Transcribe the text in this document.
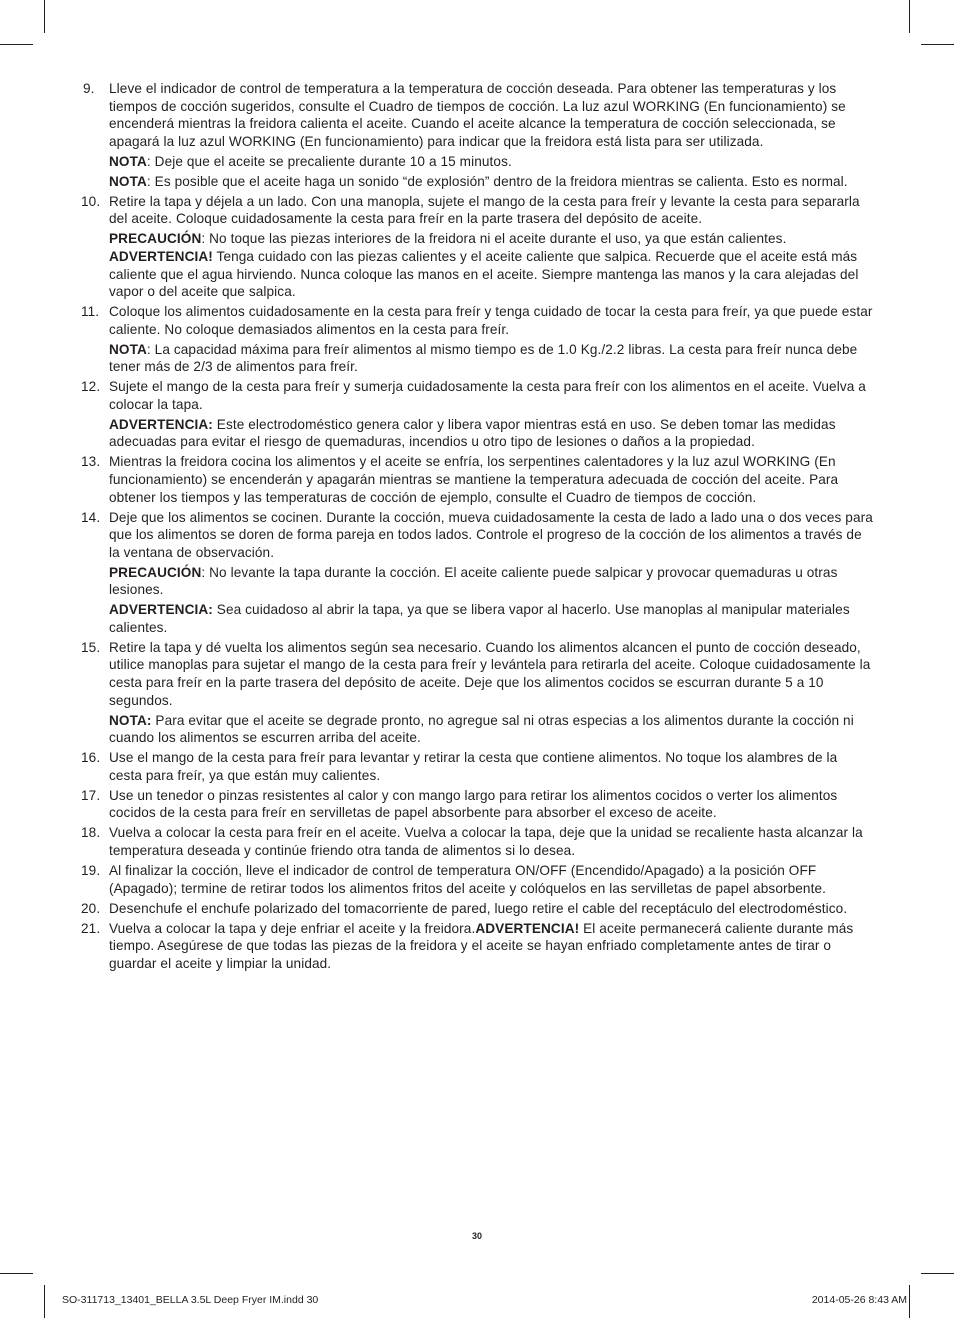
9.	Lleve el indicador de control de temperatura a la temperatura de cocción deseada. Para obtener las temperaturas y los tiempos de cocción sugeridos, consulte el Cuadro de tiempos de cocción. La luz azul WORKING (En funcionamiento) se encenderá mientras la freidora calienta el aceite. Cuando el aceite alcance la temperatura de cocción seleccionada, se apagará la luz azul WORKING (En funcionamiento) para indicar que la freidora está lista para ser utilizada.
NOTA: Deje que el aceite se precaliente durante 10 a 15 minutos.
NOTA: Es posible que el aceite haga un sonido “de explosión” dentro de la freidora mientras se calienta. Esto es normal.
10. Retire la tapa y déjela a un lado. Con una manopla, sujete el mango de la cesta para freír y levante la cesta para separarla del aceite. Coloque cuidadosamente la cesta para freír en la parte trasera del depósito de aceite.
PRECAUCIÓN: No toque las piezas interiores de la freidora ni el aceite durante el uso, ya que están calientes.
ADVERTENCIA! Tenga cuidado con las piezas calientes y el aceite caliente que salpica. Recuerde que el aceite está más caliente que el agua hirviendo. Nunca coloque las manos en el aceite. Siempre mantenga las manos y la cara alejadas del vapor o del aceite que salpica.
11. Coloque los alimentos cuidadosamente en la cesta para freír y tenga cuidado de tocar la cesta para freír, ya que puede estar caliente. No coloque demasiados alimentos en la cesta para freír.
NOTA: La capacidad máxima para freír alimentos al mismo tiempo es de 1.0 Kg./2.2 libras. La cesta para freír nunca debe tener más de 2/3 de alimentos para freír.
12. Sujete el mango de la cesta para freír y sumerja cuidadosamente la cesta para freír con los alimentos en el aceite. Vuelva a colocar la tapa.
ADVERTENCIA: Este electrodoméstico genera calor y libera vapor mientras está en uso. Se deben tomar las medidas adecuadas para evitar el riesgo de quemaduras, incendios u otro tipo de lesiones o daños a la propiedad.
13. Mientras la freidora cocina los alimentos y el aceite se enfría, los serpentines calentadores y la luz azul WORKING (En funcionamiento) se encenderán y apagarán mientras se mantiene la temperatura adecuada de cocción del aceite. Para obtener los tiempos y las temperaturas de cocción de ejemplo, consulte el Cuadro de tiempos de cocción.
14. Deje que los alimentos se cocinen. Durante la cocción, mueva cuidadosamente la cesta de lado a lado una o dos veces para que los alimentos se doren de forma pareja en todos lados. Controle el progreso de la cocción de los alimentos a través de la ventana de observación.
PRECAUCIÓN: No levante la tapa durante la cocción. El aceite caliente puede salpicar y provocar quemaduras u otras lesiones.
ADVERTENCIA: Sea cuidadoso al abrir la tapa, ya que se libera vapor al hacerlo. Use manoplas al manipular materiales calientes.
15. Retire la tapa y dé vuelta los alimentos según sea necesario. Cuando los alimentos alcancen el punto de cocción deseado, utilice manoplas para sujetar el mango de la cesta para freír y levántela para retirarla del aceite. Coloque cuidadosamente la cesta para freír en la parte trasera del depósito de aceite. Deje que los alimentos cocidos se escurran durante 5 a 10 segundos.
NOTA: Para evitar que el aceite se degrade pronto, no agregue sal ni otras especias a los alimentos durante la cocción ni cuando los alimentos se escurren arriba del aceite.
16. Use el mango de la cesta para freír para levantar y retirar la cesta que contiene alimentos. No toque los alambres de la cesta para freír, ya que están muy calientes.
17. Use un tenedor o pinzas resistentes al calor y con mango largo para retirar los alimentos cocidos o verter los alimentos cocidos de la cesta para freír en servilletas de papel absorbente para absorber el exceso de aceite.
18. Vuelva a colocar la cesta para freír en el aceite. Vuelva a colocar la tapa, deje que la unidad se recaliente hasta alcanzar la temperatura deseada y continúe friendo otra tanda de alimentos si lo desea.
19. Al finalizar la cocción, lleve el indicador de control de temperatura ON/OFF (Encendido/Apagado) a la posición OFF (Apagado); termine de retirar todos los alimentos fritos del aceite y colóquelos en las servilletas de papel absorbente.
20. Desenchufe el enchufe polarizado del tomacorriente de pared, luego retire el cable del receptáculo del electrodoméstico.
21. Vuelva a colocar la tapa y deje enfriar el aceite y la freidora.ADVERTENCIA! El aceite permanecerá caliente durante más tiempo. Asegúrese de que todas las piezas de la freidora y el aceite se hayan enfriado completamente antes de tirar o guardar el aceite y limpiar la unidad.
30
SO-311713_13401_BELLA 3.5L Deep Fryer IM.indd 30	2014-05-26 8:43 AM
